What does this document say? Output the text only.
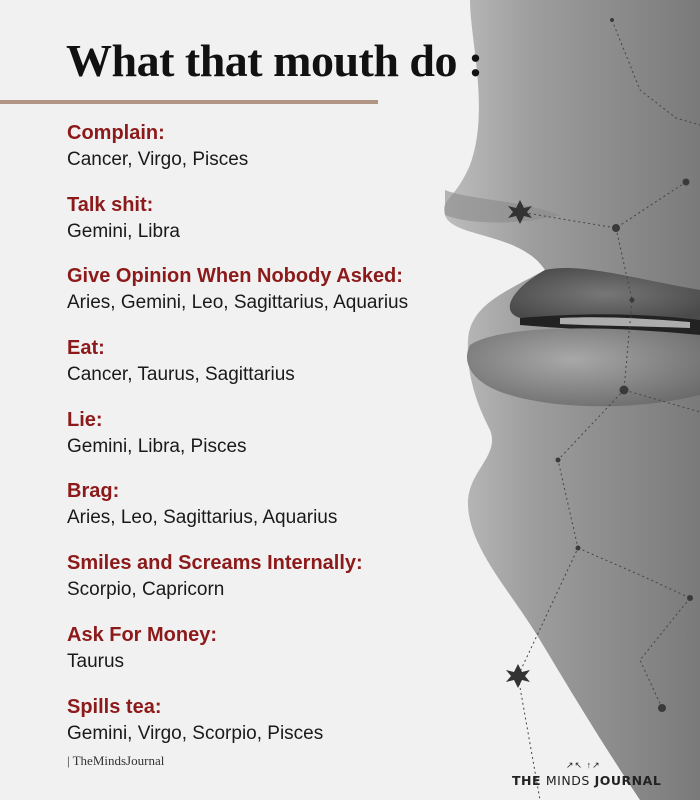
What that mouth do :
Complain:
Cancer, Virgo, Pisces
Talk shit:
Gemini, Libra
Give Opinion When Nobody Asked:
Aries, Gemini, Leo, Sagittarius, Aquarius
Eat:
Cancer, Taurus, Sagittarius
Lie:
Gemini, Libra, Pisces
Brag:
Aries, Leo, Sagittarius, Aquarius
Smiles and Screams Internally:
Scorpio, Capricorn
Ask For Money:
Taurus
Spills tea:
Gemini, Virgo, Scorpio, Pisces
| TheMindsJournal	↗↖ ↑↗
THE MINDS JOURNAL
